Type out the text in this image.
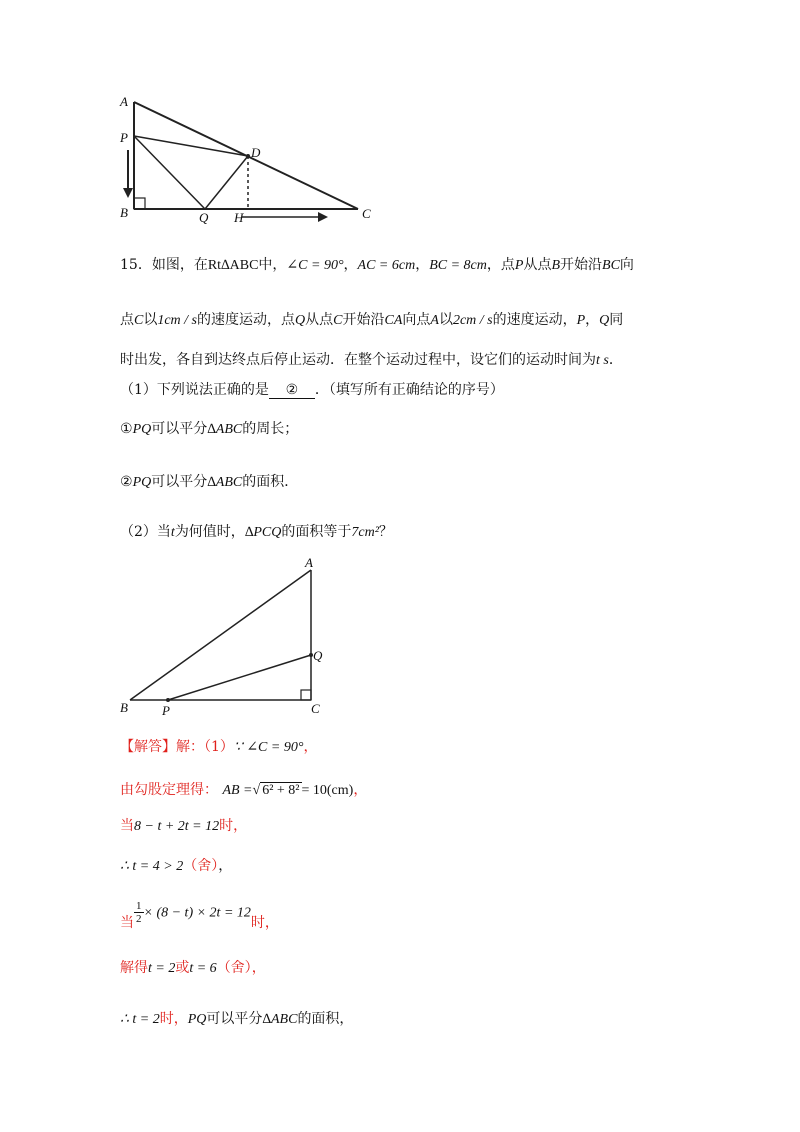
A
P
D
B	Q H	C
15．如图，在Rt∆ABC中，∠C = 90°，AC = 6cm，BC = 8cm，点P从点B开始沿BC向
点C以1cm / s的速度运动，点Q从点C开始沿CA向点A以2cm / s的速度运动，P，Q同
时出发，各自到达终点后停止运动．在整个运动过程中，设它们的运动时间为t s．
（1）下列说法正确的是 ② ．（填写所有正确结论的序号）
①PQ可以平分∆ABC的周长；
②PQ可以平分∆ABC的面积．
（2）当t为何值时，∆PCQ的面积等于7cm²？
A
Q
B	P	C
【解答】解：（1）∵ ∠C = 90°，
由勾股定理得： AB =√ 6² + 8² = 10(cm)，
当8 − t + 2t = 12时，
∴ t = 4 > 2（舍），
当 $\frac{1}{2} \times (8 - t) \times 2t = 12$时，
解得t = 2或t = 6（舍），
∴ t = 2时，PQ可以平分∆ABC的面积，
